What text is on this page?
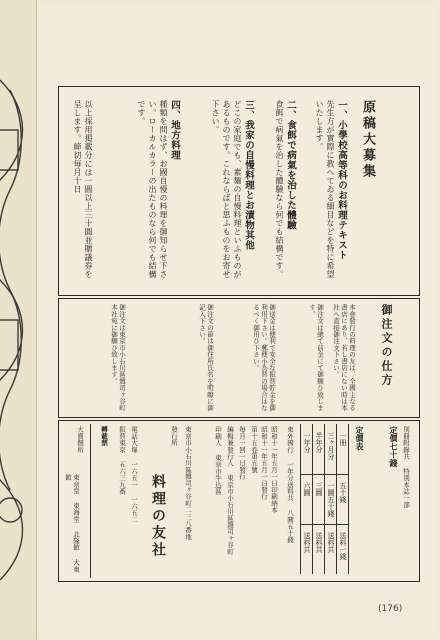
原稿大募集
一、小學校高等科のお料理テキスト
先生方が實際に教へてゐる細目などを特に希望いたします。
二、食餌で病氣を治した體驗
食餌で病氣を治した體驗なら何でも結構です。
三、我家の自慢料理とお漬物其他
どこの家庭でも、素麺の自慢料理といふものがあるものです。これならばと思ふものをお寄せ下さい。
四、地方料理
種類を問はず、お國自慢の料理を御知らせ下さい。ローカルカラーの出たものなら何でも結構です。
以上採用掲載分には一圓以上三十圓並贈議券を呈します。締切毎月十日
御注文の仕方
本會發行の料理の友は、全國主なる書店にあり、若し書店にない時は本社へ直接御注文下さい。
御注文は總て前金にて御願ひ致します。
御送金は便利で安全な振替貯金を御利用下さい。郵便小為替の場合はなるべく御用ひ下さい。
御注文の節は御住所氏名を明瞭に御記入下さい。
御注文は東京市小石川區雜司ヶ谷町本社宛に御願ひ致します。
別冊附錄共 特別本誌一部
定價七十錢
定價表
一冊
五十錢
送料一錢
三ヶ月分
一圓五十錢
送料共
半年分
三圓
送料共
一年分
六圓
送料共
東外國行 一年分送料共 八圓五十錢
昭和十一年五月一日印刷納本
昭和十一年五月一日發行
第十五卷第五號
毎月一回一日發行
編輯兼發行人 東京市小石川區雜司ヶ谷町
印刷人 東京市牛込區
東京市小石川區雜司ヶ谷町二三八番地
發行所
料理の友社
電話大塚 一六五一 一六五二
振替東京 五六三九番
轉載禁
大賣捌所
東京堂 東海堂 北隆館 大東館
(176)
